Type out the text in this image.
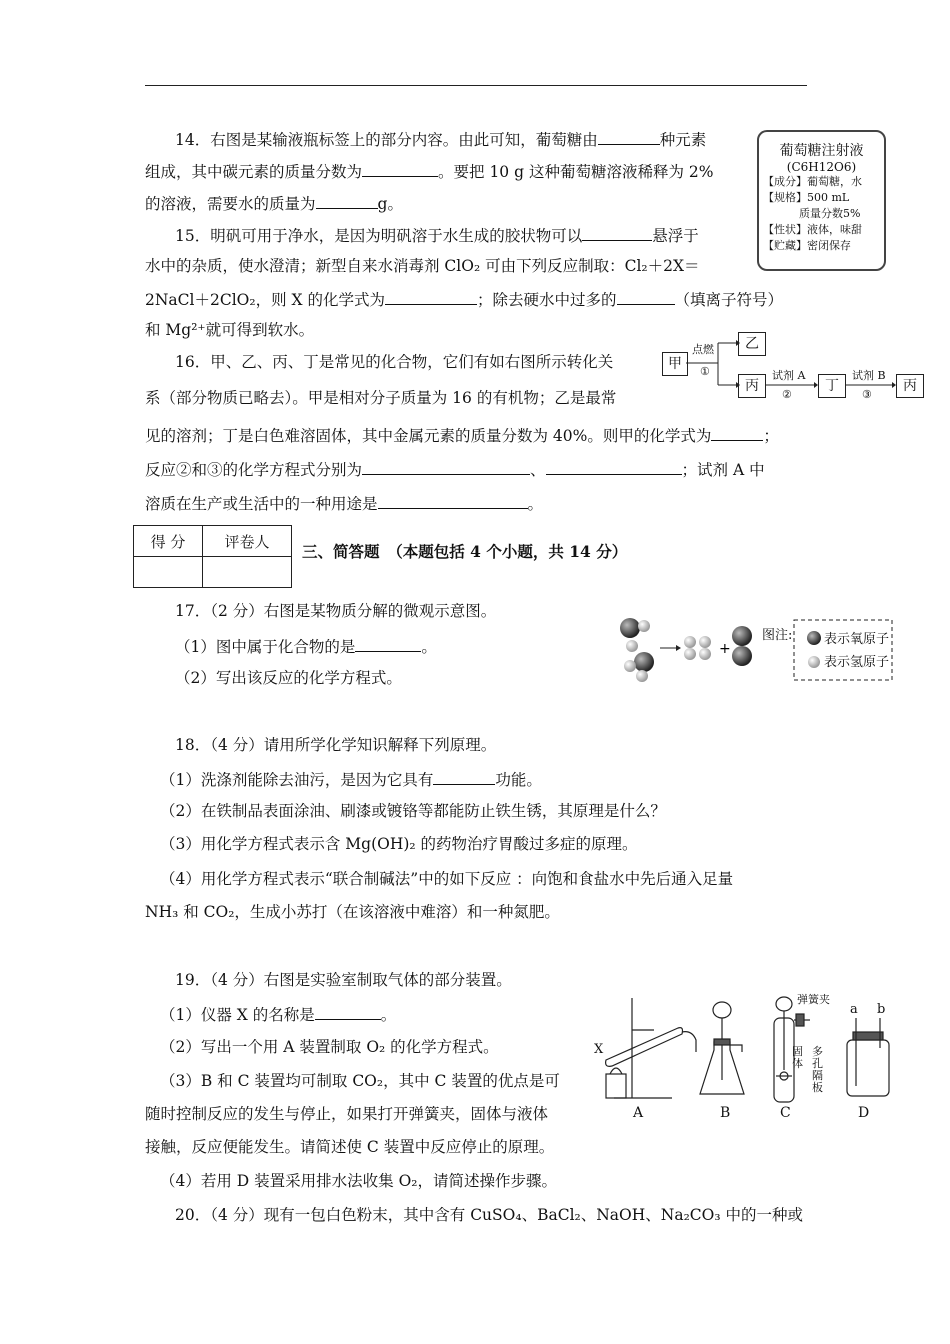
14．右图是某输液瓶标签上的部分内容。由此可知，葡萄糖由	种元素
组成，其中碳元素的质量分数为	。要把 10 g 这种葡萄糖溶液稀释为 2%
的溶液，需要水的质量为	g。
葡萄糖注射液
(C6H12O6)
【成分】葡萄糖，水
【规格】500 mL
质量分数5%
【性状】液体，味甜
【贮藏】密闭保存
15．明矾可用于净水，是因为明矾溶于水生成的胶状物可以	悬浮于
水中的杂质，使水澄清；新型自来水消毒剂 ClO₂ 可由下列反应制取：Cl₂＋2X＝
2NaCl＋2ClO₂，则 X 的化学式为	；除去硬水中过多的	（填离子符号）
和 Mg²⁺就可得到软水。
16．甲、乙、丙、丁是常见的化合物，它们有如右图所示转化关
系（部分物质已略去）。甲是相对分子质量为 16 的有机物；乙是最常
见的溶剂；丁是白色难溶固体，其中金属元素的质量分数为 40%。则甲的化学式为	；
反应②和③的化学方程式分别为	、	；试剂 A 中
溶质在生产或生活中的一种用途是	。
甲
乙
丙	丁	丙
点燃
①	试剂 A
②
试剂 B
③
得 分	评卷人

三、简答题　（本题包括 4 个小题，共 14 分）
17．（2 分）右图是某物质分解的微观示意图。
（1）图中属于化合物的是	。
（2）写出该反应的化学方程式。
+
图注: 表示氧原子
表示氢原子
18．（4 分）请用所学化学知识解释下列原理。
（1）洗涤剂能除去油污，是因为它具有	功能。
（2）在铁制品表面涂油、刷漆或镀铬等都能防止铁生锈，其原理是什么？
（3）用化学方程式表示含 Mg(OH)₂ 的药物治疗胃酸过多症的原理。
（4）用化学方程式表示“联合制碱法”中的如下反应 ：向饱和食盐水中先后通入足量
NH₃ 和 CO₂，生成小苏打（在该溶液中难溶）和一种氮肥。
19．（4 分）右图是实验室制取气体的部分装置。
（1）仪器 X 的名称是	。
（2）写出一个用 A 装置制取 O₂ 的化学方程式。
（3）B 和 C 装置均可制取 CO₂，其中 C 装置的优点是可
随时控制反应的发生与停止，如果打开弹簧夹，固体与液体
接触，反应便能发生。请简述使 C 装置中反应停止的原理。
（4）若用 D 装置采用排水法收集 O₂，请简述操作步骤。
X
A	B	C	D
a b
弹簧夹
固体
多
孔
隔
板
20．（4 分）现有一包白色粉末，其中含有 CuSO₄、BaCl₂、NaOH、Na₂CO₃ 中的一种或
